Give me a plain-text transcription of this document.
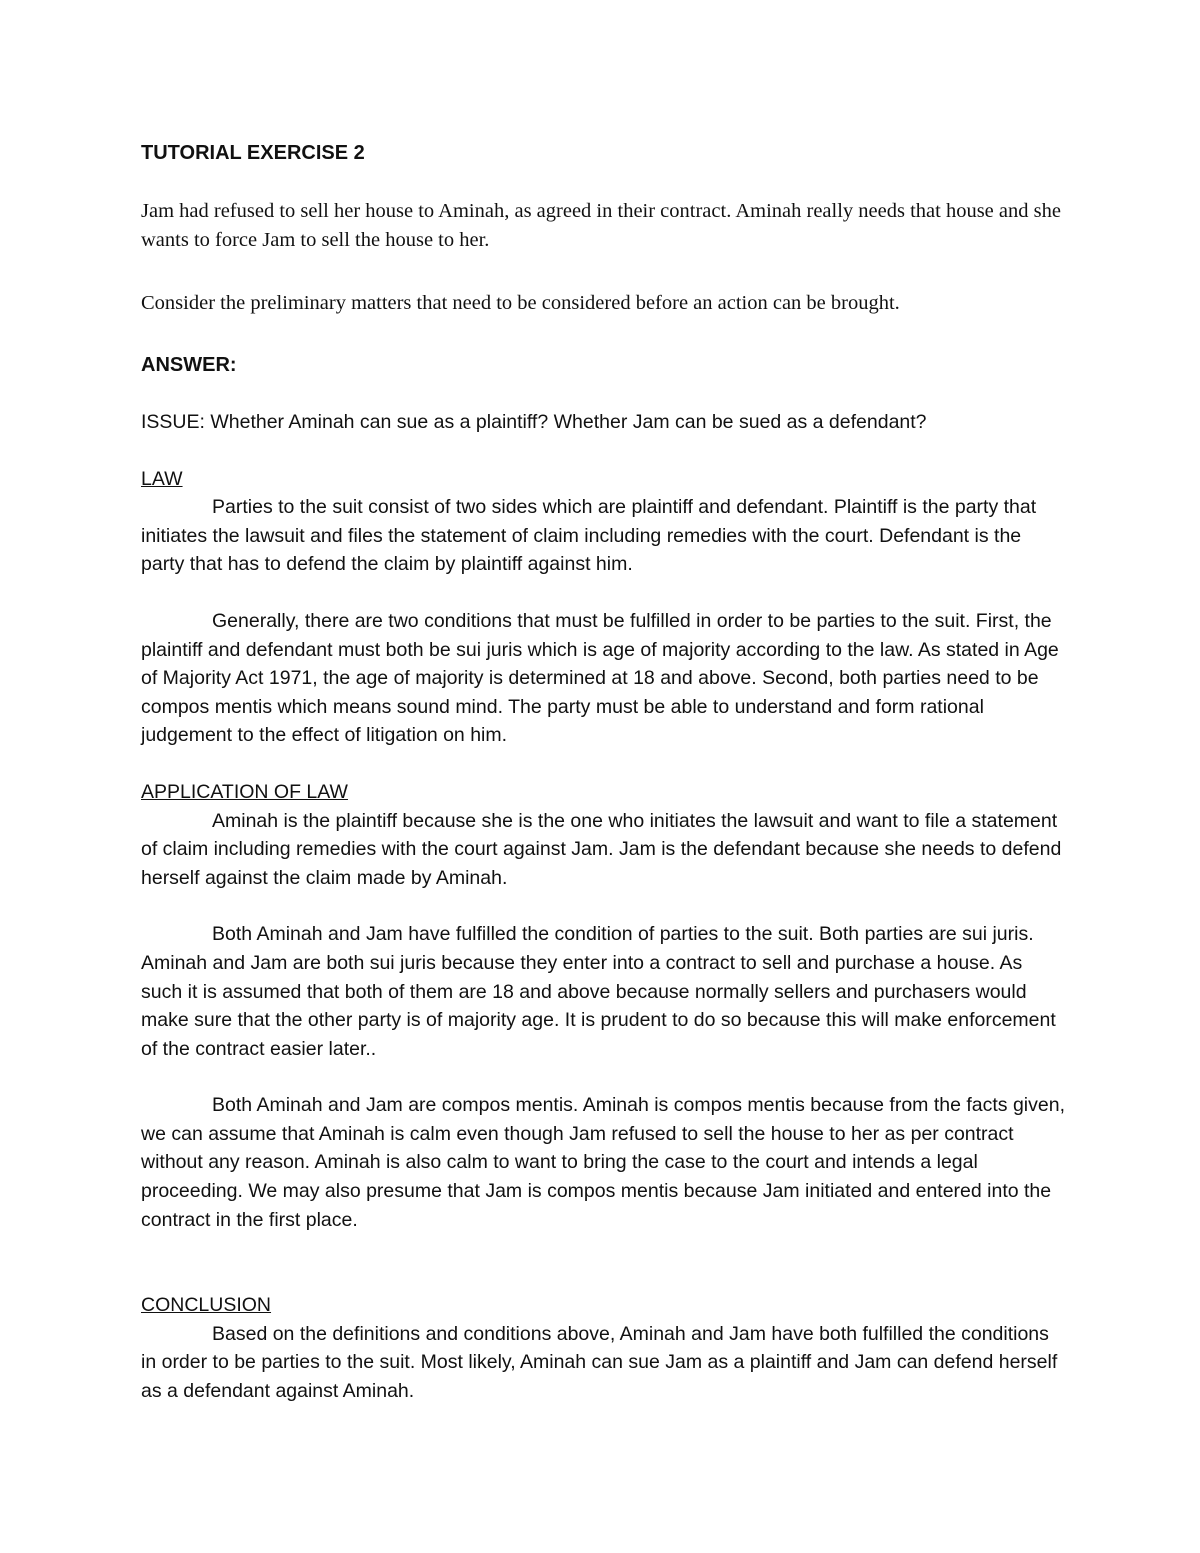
TUTORIAL EXERCISE 2

Jam had refused to sell her house to Aminah, as agreed in their contract. Aminah really needs that house and she wants to force Jam to sell the house to her.

Consider the preliminary matters that need to be considered before an action can be brought.

ANSWER:

ISSUE: Whether Aminah can sue as a plaintiff? Whether Jam can be sued as a defendant?

LAW

Parties to the suit consist of two sides which are plaintiff and defendant. Plaintiff is the party that initiates the lawsuit and files the statement of claim including remedies with the court. Defendant is the party that has to defend the claim by plaintiff against him.

Generally, there are two conditions that must be fulfilled in order to be parties to the suit. First, the plaintiff and defendant must both be sui juris which is age of majority according to the law. As stated in Age of Majority Act 1971, the age of majority is determined at 18 and above. Second, both parties need to be compos mentis which means sound mind. The party must be able to understand and form rational judgement to the effect of litigation on him.

APPLICATION OF LAW

Aminah is the plaintiff because she is the one who initiates the lawsuit and want to file a statement of claim including remedies with the court against Jam. Jam is the defendant because she needs to defend herself against the claim made by Aminah.

Both Aminah and Jam have fulfilled the condition of parties to the suit. Both parties are sui juris. Aminah and Jam are both sui juris because they enter into a contract to sell and purchase a house. As such it is assumed that both of them are 18 and above because normally sellers and purchasers would make sure that the other party is of majority age. It is prudent to do so because this will make enforcement of the contract easier later..

Both Aminah and Jam are compos mentis. Aminah is compos mentis because from the facts given, we can assume that Aminah is calm even though Jam refused to sell the house to her as per contract without any reason. Aminah is also calm to want to bring the case to the court and intends a legal proceeding. We may also presume that Jam is compos mentis because Jam initiated and entered into the contract in the first place.

CONCLUSION

Based on the definitions and conditions above, Aminah and Jam have both fulfilled the conditions in order to be parties to the suit. Most likely, Aminah can sue Jam as a plaintiff and Jam can defend herself as a defendant against Aminah.
